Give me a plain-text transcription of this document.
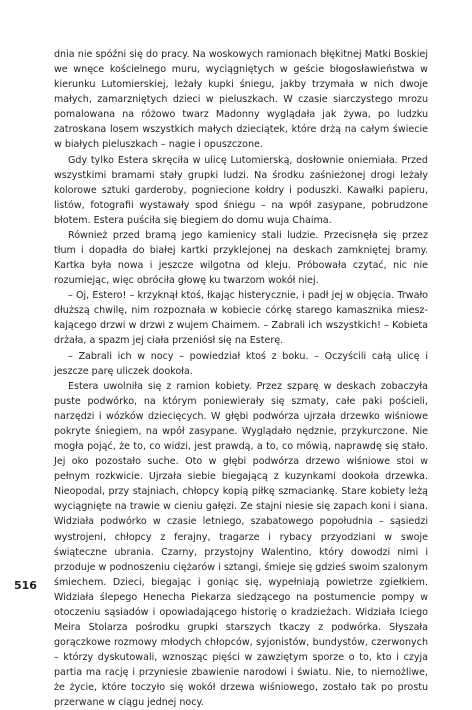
dnia nie spóźni się do pracy. Na woskowych ramionach błękitnej Matki Boskiej we wnęce kościelnego muru, wyciągniętych w geście błogosławieństwa w kierunku Lutomierskiej, leżały kupki śniegu, jakby trzymała w nich dwoje małych, zamarzniętych dzieci w pieluszkach. W czasie siarczystego mrozu pomalowana na różowo twarz Madonny wyglądała jak żywa, po ludzku zatroskana losem wszystkich małych dzieciątek, które drżą na całym świecie w białych pieluszkach – nagie i opuszczone.

Gdy tylko Estera skręciła w ulicę Lutomierską, dosłownie oniemiała. Przed wszystkimi bramami stały grupki ludzi. Na środku zaśnieżonej drogi leżały kolorowe sztuki garderoby, pogniecione kołdry i poduszki. Kawałki papieru, listów, fotografii wystawały spod śniegu – na wpół zasypane, pobrudzone błotem. Estera puściła się biegiem do domu wuja Chaima.

Również przed bramą jego kamienicy stali ludzie. Przecisnęła się przez tłum i dopadła do białej kartki przyklejonej na deskach zamkniętej bramy. Kartka była nowa i jeszcze wilgotna od kleju. Próbowała czytać, nic nie rozumiejąc, więc obróciła głowę ku twarzom wokół niej.

– Oj, Estero! – krzyknął ktoś, łkając histerycznie, i padł jej w objęcia. Trwało dłuższą chwilę, nim rozpoznała w kobiecie córkę starego kamasznika mieszkającego drzwi w drzwi z wujem Chaimem. – Zabrali ich wszystkich! – Kobieta drżała, a spazm jej ciała przeniósł się na Esterę.

– Zabrali ich w nocy – powiedział ktoś z boku. – Oczyścili całą ulicę i jeszcze parę uliczek dookoła.

Estera uwolniła się z ramion kobiety. Przez szparę w deskach zobaczyła puste podwórko, na którym poniewierały się szmaty, całe paki pościeli, narzędzi i wózków dziecięcych. W głębi podwórza ujrzała drzewko wiśniowe pokryte śniegiem, na wpół zasypane. Wyglądało nędznie, przykurczone. Nie mogła pojąć, że to, co widzi, jest prawdą, a to, co mówią, naprawdę się stało. Jej oko pozostało suche. Oto w głębi podwórza drzewo wiśniowe stoi w pełnym rozkwicie. Ujrzała siebie biegającą z kuzynkami dookoła drzewka. Nieopodal, przy stajniach, chłopcy kopią piłkę szmaciankę. Stare kobiety leżą wyciągnięte na trawie w cieniu gałęzi. Ze stajni niesie się zapach koni i siana. Widziała podwórko w czasie letniego, szabatowego popołudnia – sąsiedzi wystrojeni, chłopcy z ferajny, tragarze i rybacy przyodziani w swoje świąteczne ubrania. Czarny, przystojny Walentino, który dowodzi nimi i przoduje w podnoszeniu ciężarów i sztangi, śmieje się gdzieś swoim szalonym śmiechem. Dzieci, biegając i goniąc się, wypełniają powietrze zgiełkiem. Widziała ślepego Henecha Piekarza siedzącego na postumencie pompy w otoczeniu sąsiadów i opowiadającego historię o kradzieżach. Widziała Iciego Meira Stolarza pośrodku grupki starszych tkaczy z podwórka. Słyszała gorączkowe rozmowy młodych chłopców, syjonistów, bundystów, czerwonych – którzy dyskutowali, wznosząc pięści w zawziętym sporze o to, kto i czyja partia ma rację i przyniesie zbawienie narodowi i światu. Nie, to niemożliwe, że życie, które toczyło się wokół drzewa wiśniowego, zostało tak po prostu przerwane w ciągu jednej nocy.

516
